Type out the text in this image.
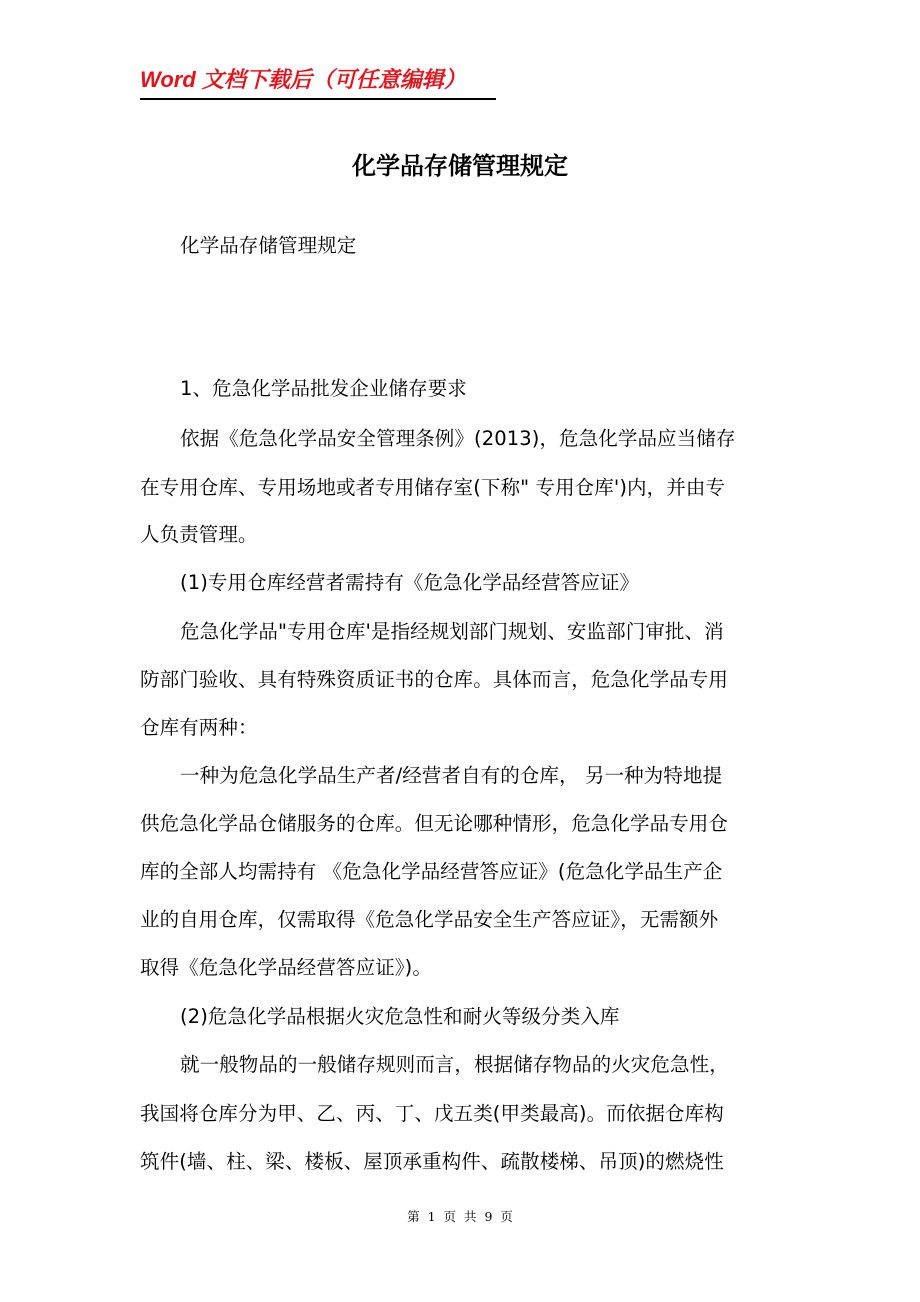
Word 文档下载后（可任意编辑）
化学品存储管理规定
化学品存储管理规定
1、危急化学品批发企业储存要求
依据《危急化学品安全管理条例》(2013)，危急化学品应当储存
在专用仓库、专用场地或者专用储存室(下称" 专用仓库')内，并由专
人负责管理。
(1)专用仓库经营者需持有《危急化学品经营答应证》
危急化学品"专用仓库'是指经规划部门规划、安监部门审批、消
防部门验收、具有特殊资质证书的仓库。具体而言，危急化学品专用
仓库有两种：
一种为危急化学品生产者/经营者自有的仓库， 另一种为特地提
供危急化学品仓储服务的仓库。但无论哪种情形，危急化学品专用仓
库的全部人均需持有 《危急化学品经营答应证》(危急化学品生产企
业的自用仓库，仅需取得《危急化学品安全生产答应证》，无需额外
取得《危急化学品经营答应证》)。
(2)危急化学品根据火灾危急性和耐火等级分类入库
就一般物品的一般储存规则而言，根据储存物品的火灾危急性，
我国将仓库分为甲、乙、丙、丁、戊五类(甲类最高)。而依据仓库构
筑件(墙、柱、梁、楼板、屋顶承重构件、疏散楼梯、吊顶)的燃烧性
第 1 页 共 9 页
